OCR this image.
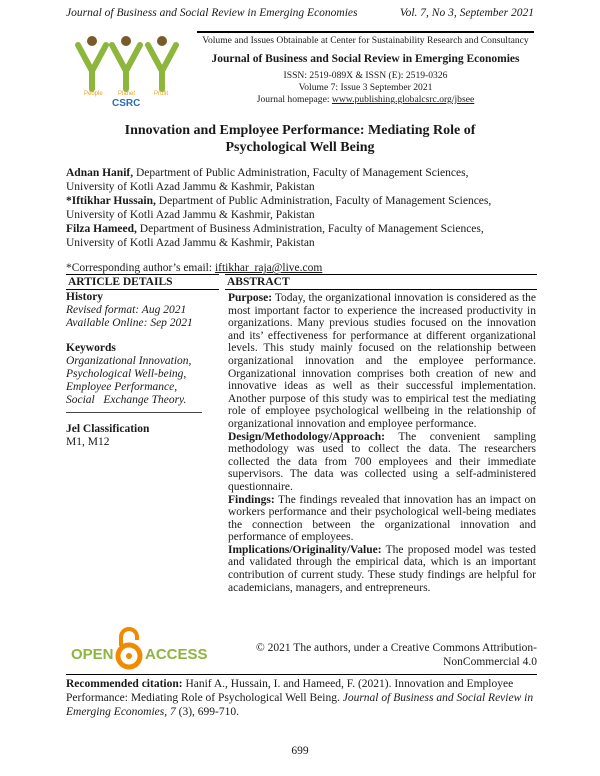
Journal of Business and Social Review in Emerging Economies	Vol. 7, No 3, September 2021
People	Planet	Profit
CSRC
Volume and Issues Obtainable at Center for Sustainability Research and Consultancy
Journal of Business and Social Review in Emerging Economies
ISSN: 2519-089X & ISSN (E): 2519-0326
Volume 7: Issue 3 September 2021
Journal homepage: www.publishing.globalcsrc.org/jbsee
Innovation and Employee Performance: Mediating Role of Psychological Well Being
Adnan Hanif, Department of Public Administration, Faculty of Management Sciences,
University of Kotli Azad Jammu & Kashmir, Pakistan
*Iftikhar Hussain, Department of Public Administration, Faculty of Management Sciences,
University of Kotli Azad Jammu & Kashmir, Pakistan
Filza Hameed, Department of Business Administration, Faculty of Management Sciences,
University of Kotli Azad Jammu & Kashmir, Pakistan
*Corresponding author’s email: iftikhar_raja@live.com
ARTICLE DETAILS	ABSTRACT
History
Revised format: Aug 2021
Available Online: Sep 2021
Keywords
Organizational Innovation,
Psychological Well-being,
Employee Performance,
Social   Exchange Theory.
Jel Classification
M1, M12

Purpose: Today, the organizational innovation is considered as the most important factor to experience the increased productivity in organizations. Many previous studies focused on the innovation and its’ effectiveness for performance at different organizational levels. This study mainly focused on the relationship between organizational innovation and the employee performance. Organizational innovation comprises both creation of new and innovative ideas as well as their successful implementation. Another purpose of this study was to empirical test the mediating role of employee psychological wellbeing in the relationship of organizational innovation and employee performance.

Design/Methodology/Approach: The convenient sampling methodology was used to collect the data. The researchers collected the data from 700 employees and their immediate supervisors. The data was collected using a self-administered questionnaire.

Findings: The findings revealed that innovation has an impact on workers performance and their psychological well-being mediates the connection between the organizational innovation and performance of employees.

Implications/Originality/Value: The proposed model was tested and validated through the empirical data, which is an important contribution of current study. These study findings are helpful for academicians, managers, and entrepreneurs.

OPEN ACCESS	© 2021 The authors, under a Creative Commons Attribution-
NonCommercial 4.0
Recommended citation: Hanif A., Hussain, I. and Hameed, F. (2021). Innovation and Employee Performance: Mediating Role of Psychological Well Being. Journal of Business and Social Review in Emerging Economies, 7 (3), 699-710.
699
